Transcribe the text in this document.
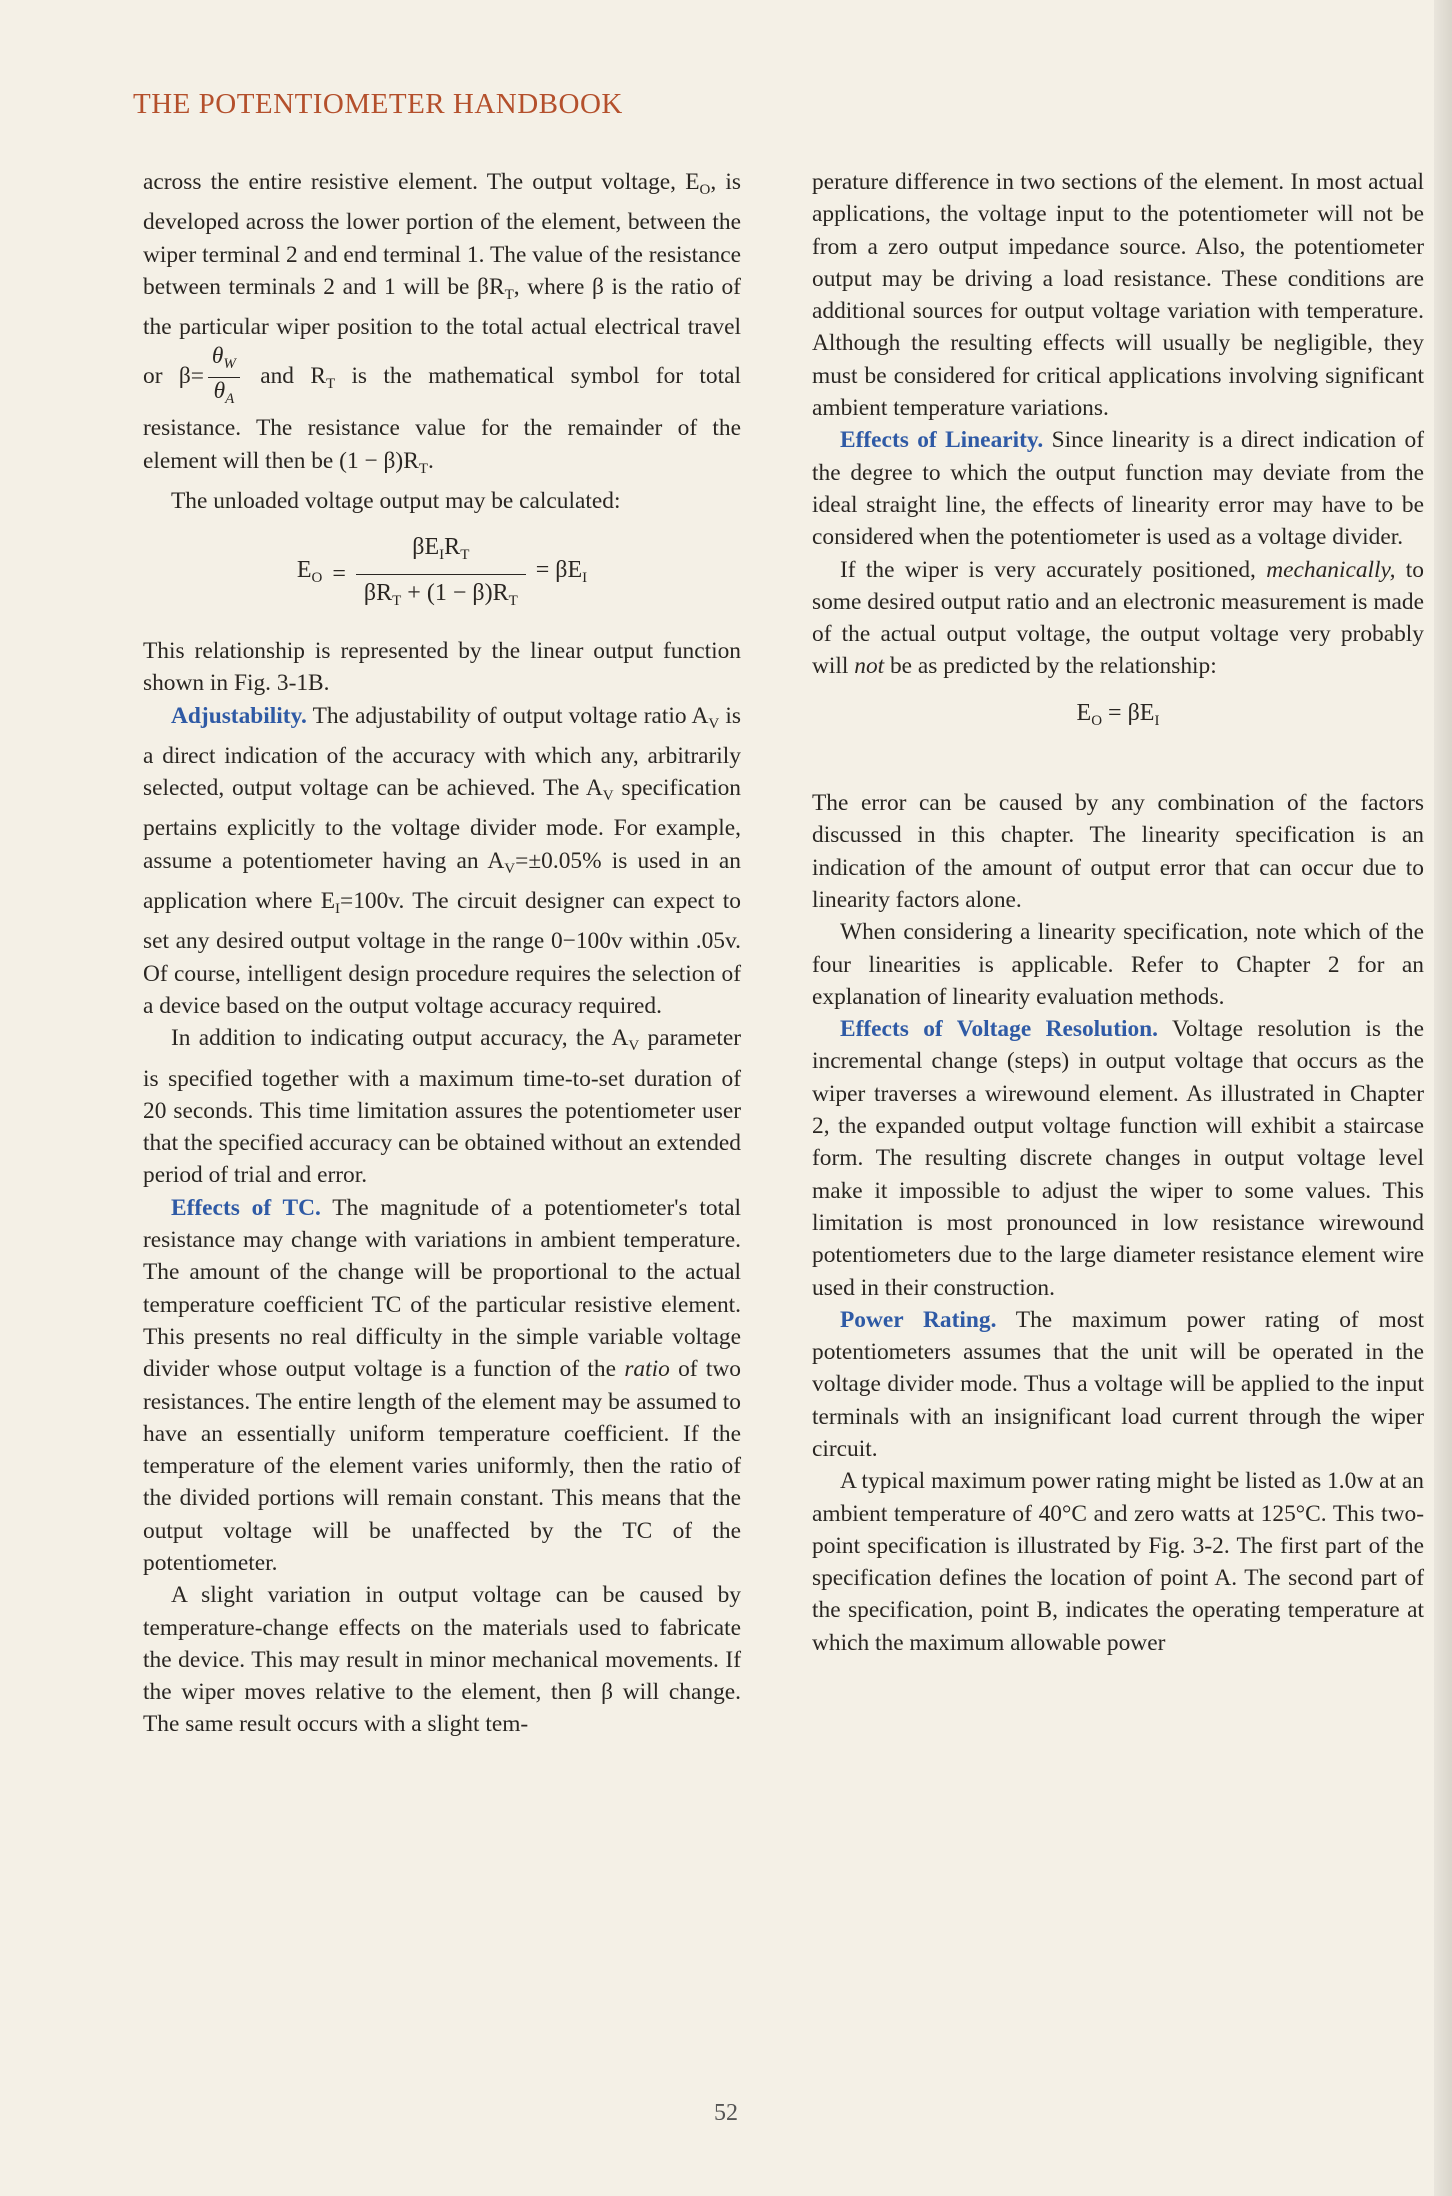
THE POTENTIOMETER HANDBOOK

across the entire resistive element. The output voltage, $E_O$, is developed across the lower portion of the element, between the wiper terminal 2 and end terminal 1. The value of the resistance between terminals 2 and 1 will be $\beta R_T$, where β is the ratio of the particular wiper position to the total actual electrical travel or $\beta= \frac{\theta_W}{\theta_A}$ and $R_T$ is the mathematical symbol for total resistance. The resistance value for the remainder of the element will then be $(1 - \beta)R_T$.

The unloaded voltage output may be calculated:

$E_O = \frac{\beta E_IR_T}{\beta R_T + (1 - \beta)R_T} = \beta E_I$

This relationship is represented by the linear output function shown in Fig. 3-1B.

Adjustability. The adjustability of output voltage ratio $A_V$ is a direct indication of the accuracy with which any, arbitrarily selected, output voltage can be achieved. The $A_V$ specification pertains explicitly to the voltage divider mode. For example, assume a potentiometer having an $A_V=\pm 0.05\%$ is used in an application where $E_I=100v$. The circuit designer can expect to set any desired output voltage in the range 0−100v within .05v. Of course, intelligent design procedure requires the selection of a device based on the output voltage accuracy required.

In addition to indicating output accuracy, the $A_V$ parameter is specified together with a maximum time-to-set duration of 20 seconds. This time limitation assures the potentiometer user that the specified accuracy can be obtained without an extended period of trial and error.

Effects of TC. The magnitude of a potentiometer's total resistance may change with variations in ambient temperature. The amount of the change will be proportional to the actual temperature coefficient TC of the particular resistive element. This presents no real difficulty in the simple variable voltage divider whose output voltage is a function of the ratio of two resistances. The entire length of the element may be assumed to have an essentially uniform temperature coefficient. If the temperature of the element varies uniformly, then the ratio of the divided portions will remain constant. This means that the output voltage will be unaffected by the TC of the potentiometer.

A slight variation in output voltage can be caused by temperature-change effects on the materials used to fabricate the device. This may result in minor mechanical movements. If the wiper moves relative to the element, then β will change. The same result occurs with a slight tem-

perature difference in two sections of the element. In most actual applications, the voltage input to the potentiometer will not be from a zero output impedance source. Also, the potentiometer output may be driving a load resistance. These conditions are additional sources for output voltage variation with temperature. Although the resulting effects will usually be negligible, they must be considered for critical applications involving significant ambient temperature variations.

Effects of Linearity. Since linearity is a direct indication of the degree to which the output function may deviate from the ideal straight line, the effects of linearity error may have to be considered when the potentiometer is used as a voltage divider.

If the wiper is very accurately positioned, mechanically, to some desired output ratio and an electronic measurement is made of the actual output voltage, the output voltage very probably will not be as predicted by the relationship:

$E_O = \beta E_I$

The error can be caused by any combination of the factors discussed in this chapter. The linearity specification is an indication of the amount of output error that can occur due to linearity factors alone.

When considering a linearity specification, note which of the four linearities is applicable. Refer to Chapter 2 for an explanation of linearity evaluation methods.

Effects of Voltage Resolution. Voltage resolution is the incremental change (steps) in output voltage that occurs as the wiper traverses a wirewound element. As illustrated in Chapter 2, the expanded output voltage function will exhibit a staircase form. The resulting discrete changes in output voltage level make it impossible to adjust the wiper to some values. This limitation is most pronounced in low resistance wirewound potentiometers due to the large diameter resistance element wire used in their construction.

Power Rating. The maximum power rating of most potentiometers assumes that the unit will be operated in the voltage divider mode. Thus a voltage will be applied to the input terminals with an insignificant load current through the wiper circuit.

A typical maximum power rating might be listed as 1.0w at an ambient temperature of 40°C and zero watts at 125°C. This two-point specification is illustrated by Fig. 3-2. The first part of the specification defines the location of point A. The second part of the specification, point B, indicates the operating temperature at which the maximum allowable power

52
